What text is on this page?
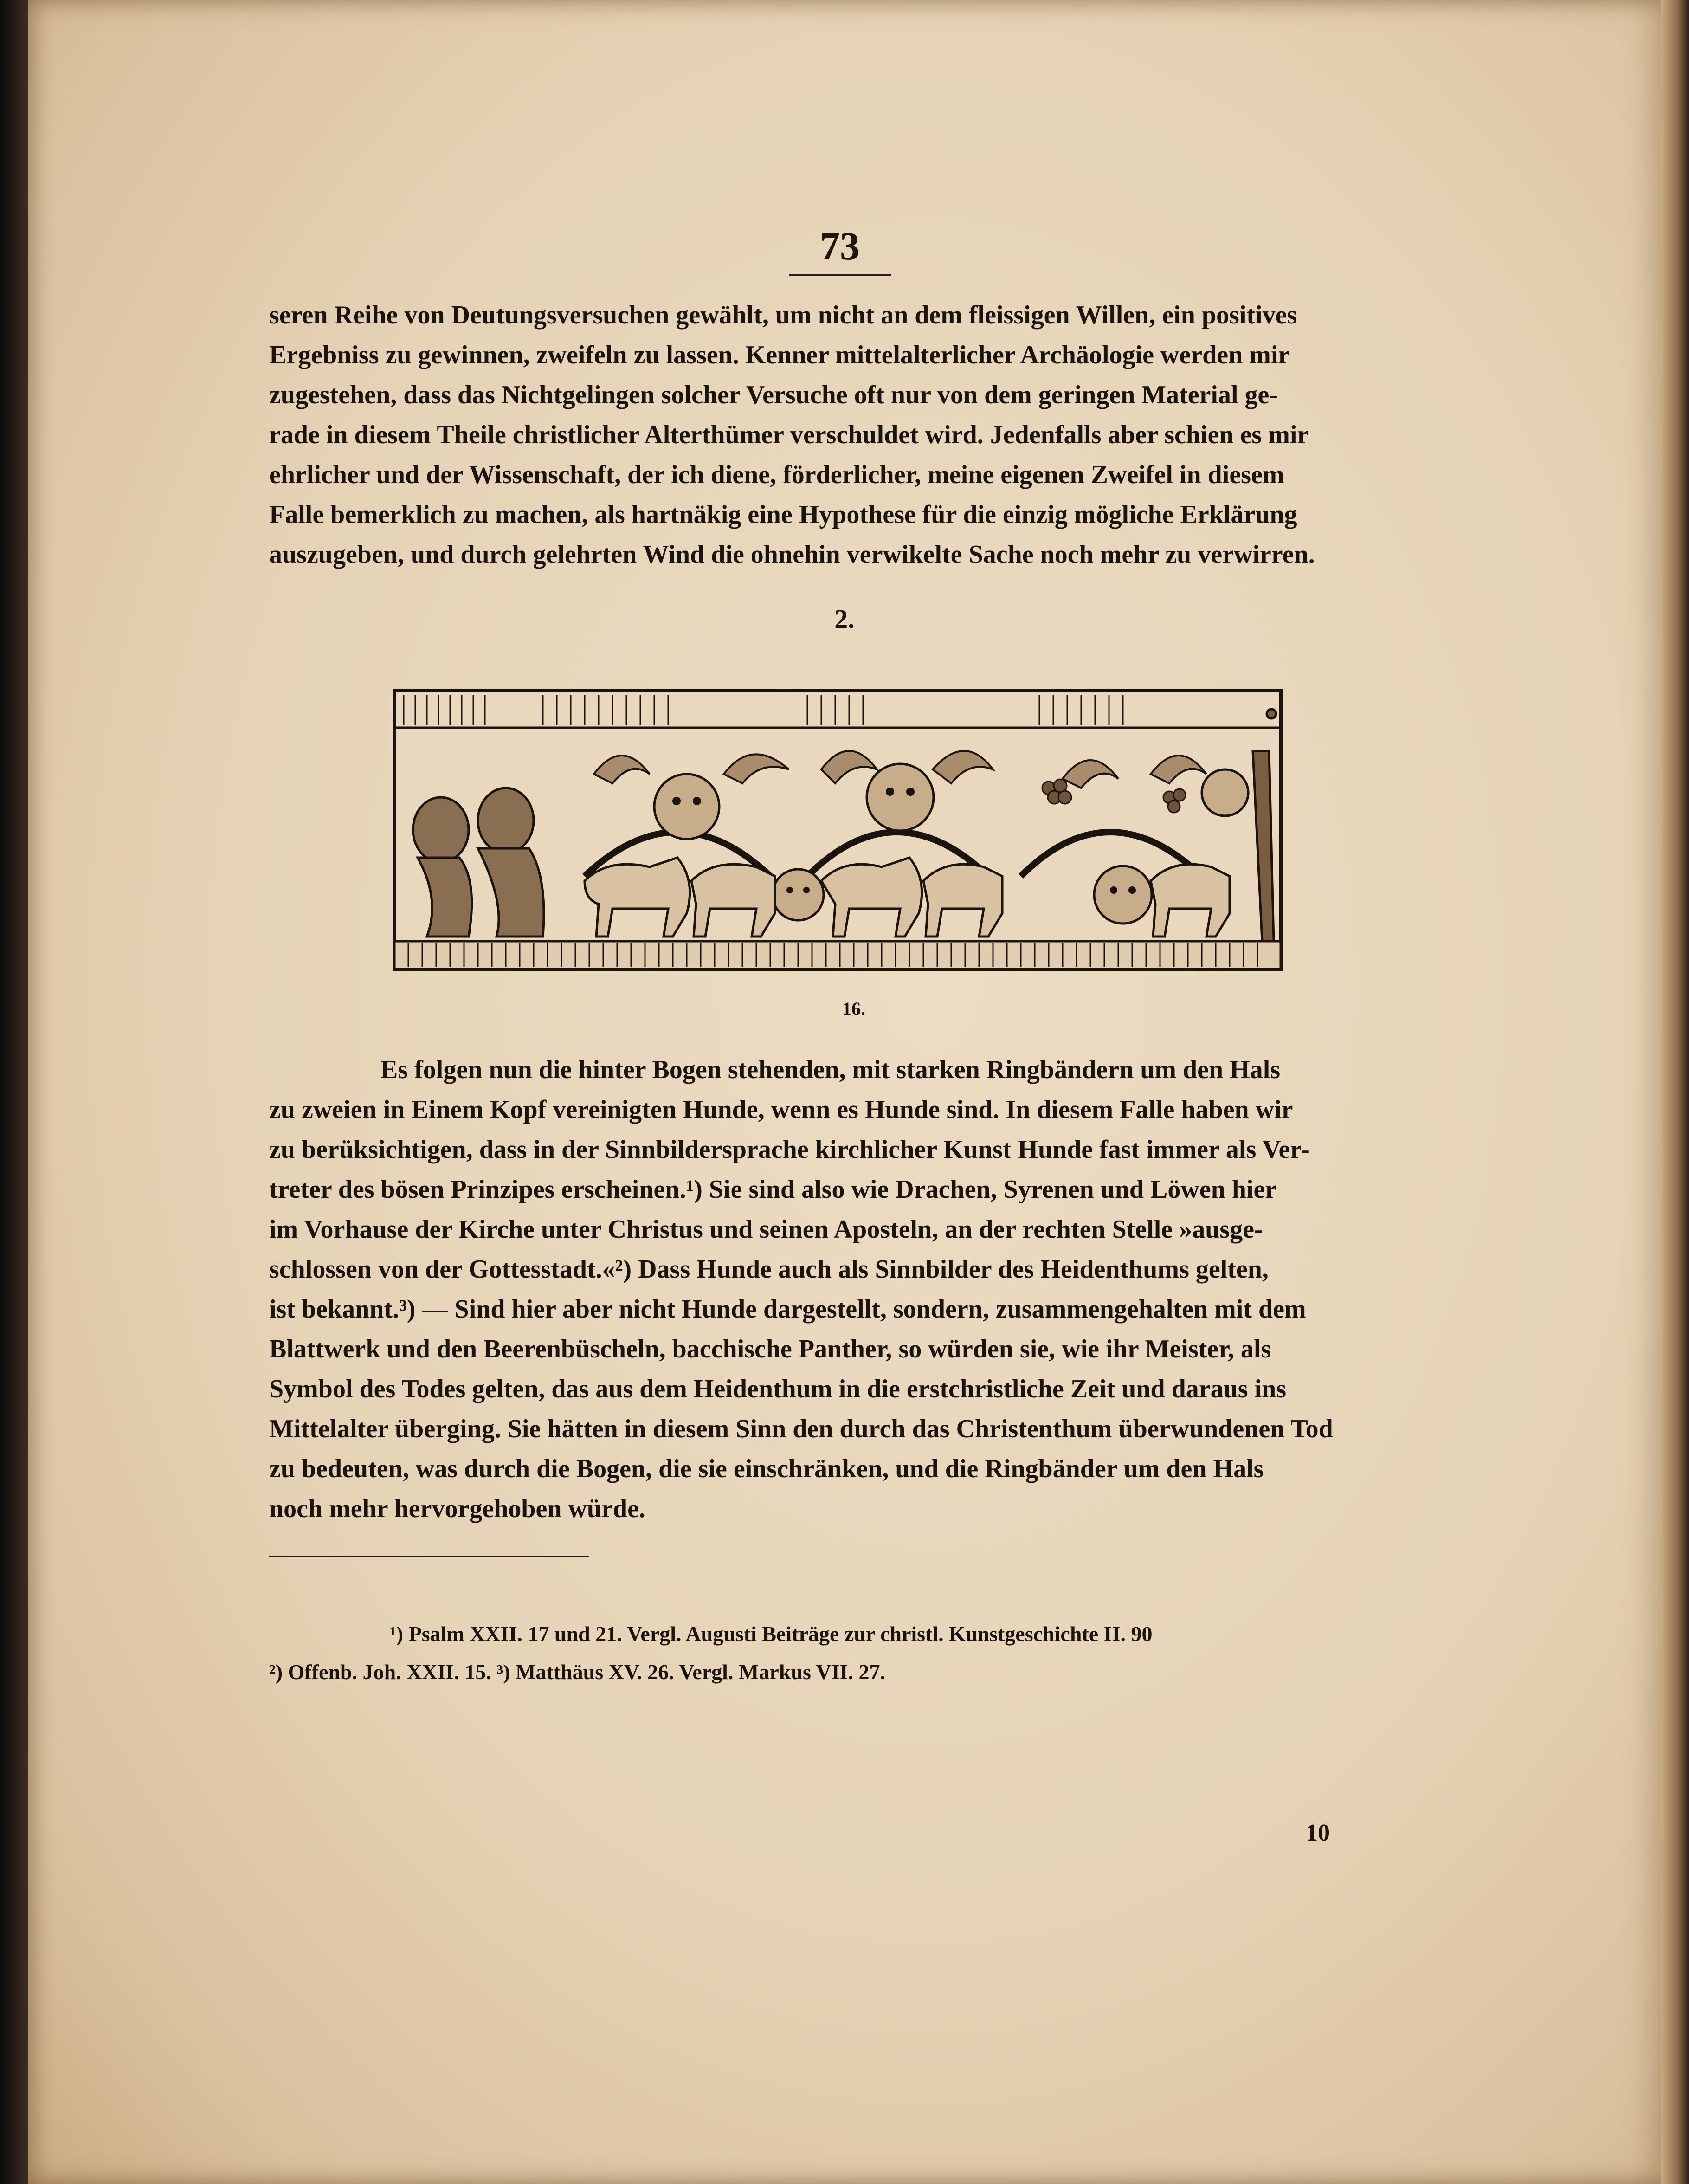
73
seren Reihe von Deutungsversuchen gewählt, um nicht an dem fleissigen Willen, ein positives
Ergebniss zu gewinnen, zweifeln zu lassen. Kenner mittelalterlicher Archäologie werden mir
zugestehen, dass das Nichtgelingen solcher Versuche oft nur von dem geringen Material ge-
rade in diesem Theile christlicher Alterthümer verschuldet wird. Jedenfalls aber schien es mir
ehrlicher und der Wissenschaft, der ich diene, förderlicher, meine eigenen Zweifel in diesem
Falle bemerklich zu machen, als hartnäkig eine Hypothese für die einzig mögliche Erklärung
auszugeben, und durch gelehrten Wind die ohnehin verwikelte Sache noch mehr zu verwirren.
2.
16.
Es folgen nun die hinter Bogen stehenden, mit starken Ringbändern um den Hals
zu zweien in Einem Kopf vereinigten Hunde, wenn es Hunde sind. In diesem Falle haben wir
zu berüksichtigen, dass in der Sinnbildersprache kirchlicher Kunst Hunde fast immer als Ver-
treter des bösen Prinzipes erscheinen.¹) Sie sind also wie Drachen, Syrenen und Löwen hier
im Vorhause der Kirche unter Christus und seinen Aposteln, an der rechten Stelle »ausge-
schlossen von der Gottesstadt.«²) Dass Hunde auch als Sinnbilder des Heidenthums gelten,
ist bekannt.³) — Sind hier aber nicht Hunde dargestellt, sondern, zusammengehalten mit dem
Blattwerk und den Beerenbüscheln, bacchische Panther, so würden sie, wie ihr Meister, als
Symbol des Todes gelten, das aus dem Heidenthum in die erstchristliche Zeit und daraus ins
Mittelalter überging. Sie hätten in diesem Sinn den durch das Christenthum überwundenen Tod
zu bedeuten, was durch die Bogen, die sie einschränken, und die Ringbänder um den Hals
noch mehr hervorgehoben würde.
¹) Psalm XXII. 17 und 21. Vergl. Augusti Beiträge zur christl. Kunstgeschichte II. 90
²) Offenb. Joh. XXII. 15. ³) Matthäus XV. 26. Vergl. Markus VII. 27.
10
